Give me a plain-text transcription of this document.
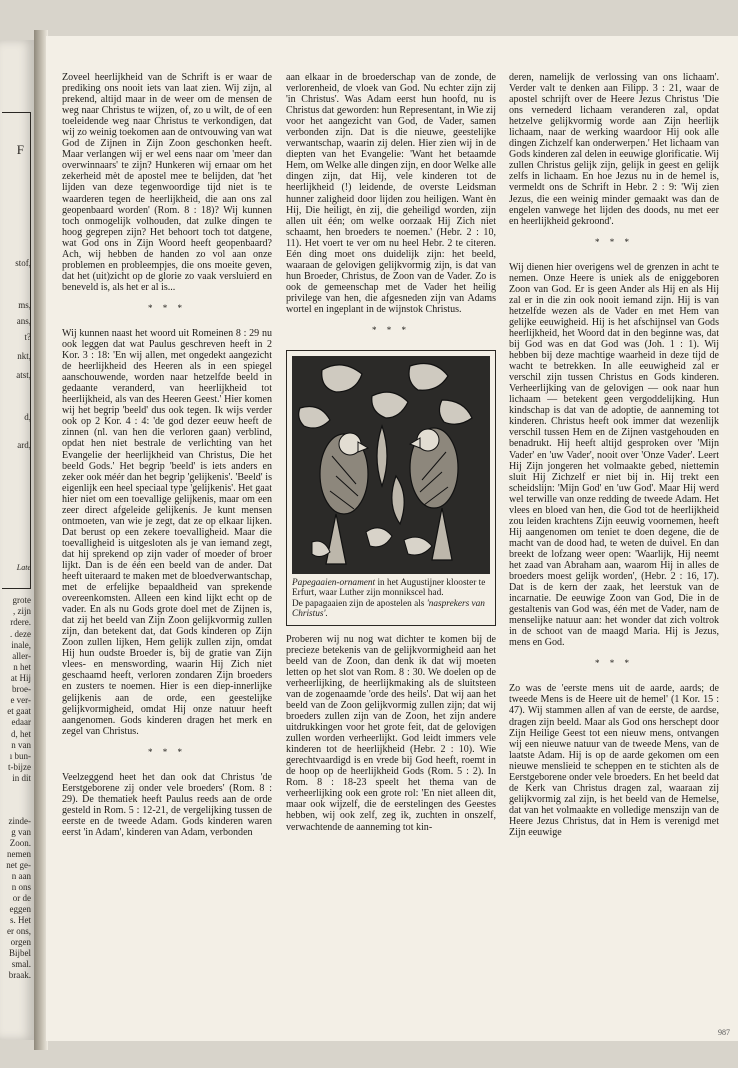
F
stof,
ms,
ans,
t?
nkt,
atst,
d,
ard,
Late
grote
, zijn
rdere.
. deze
inale,
aller-
n het
at Hij
broe-
e ver-
et gaat
edaar
d, het
n van
ı bun-
t-bijze
in dit
zinde-
g van
Zoon.
nemen
net ge-
n aan
n ons
or de
eggen
s. Het
er ons,
orgen
Bijbel
smal.
braak.

Zoveel heerlijkheid van de Schrift is er waar de prediking ons nooit iets van laat zien. Wij zijn, al prekend, altijd maar in de weer om de mensen de weg naar Christus te wijzen, of, zo u wilt, de of een toeleidende weg naar Christus te verkondigen, dat wij zo weinig toekomen aan de ontvouwing van wat God de Zijnen in Zijn Zoon geschonken heeft. Maar verlangen wij er wel eens naar om 'meer dan overwinnaars' te zijn? Hunkeren wij ernaar om het zekerheid mèt de apostel mee te belijden, dat 'het lijden van deze tegenwoordige tijd niet is te waarderen tegen de heerlijkheid, die aan ons zal geopenbaard worden' (Rom. 8 : 18)? Wij kunnen toch onmogelijk volhouden, dat zulke dingen te hoog gegrepen zijn? Het behoort toch tot datgene, wat God ons in Zijn Woord heeft geopenbaard? Ach, wij hebben de handen zo vol aan onze problemen en probleempjes, die ons moeite geven, dat het (uit)zicht op de glorie zo vaak versluierd en beneveld is, als het er al is...

* * *

Wij kunnen naast het woord uit Romeinen 8 : 29 nu ook leggen dat wat Paulus geschreven heeft in 2 Kor. 3 : 18: 'En wij allen, met ongedekt aangezicht de heerlijkheid des Heeren als in een spiegel aanschouwende, worden naar hetzelfde beeld in gedaante veranderd, van heerlijkheid tot heerlijkheid, als van des Heeren Geest.' Hier komen wij het begrip 'beeld' dus ook tegen. Ik wijs verder ook op 2 Kor. 4 : 4: 'de god dezer eeuw heeft de zinnen (nl. van hen die verloren gaan) verblind, opdat hen niet bestrale de verlichting van het Evangelie der heerlijkheid van Christus, Die het beeld Gods.' Het begrip 'beeld' is iets anders en zeker ook méér dan het begrip 'gelijkenis'. 'Beeld' is eigenlijk een heel speciaal type 'gelijkenis'. Het gaat hier niet om een toevallige gelijkenis, maar om een zeer direct afgeleide gelijkenis. Je kunt mensen ontmoeten, van wie je zegt, dat ze op elkaar lijken. Dat berust op een zekere toevalligheid. Maar die toevalligheid is uitgesloten als je van iemand zegt, dat hij sprekend op zijn vader of moeder of broer lijkt. Dan is de één een beeld van de ander. Dat heeft uiteraard te maken met de bloedverwantschap, met de erfelijke bepaaldheid van sprekende overeenkomsten. Alleen een kind lijkt echt op de vader. En als nu Gods grote doel met de Zijnen is, dat zij het beeld van Zijn Zoon gelijkvormig zullen zijn, dan betekent dat, dat Gods kinderen op Zijn Zoon zullen lijken, Hem gelijk zullen zijn, omdat Hij hun oudste Broeder is, bij de gratie van Zijn vlees- en menswording, waarin Hij Zich niet geschaamd heeft, verloren zondaren Zijn broeders en zusters te noemen. Hier is een diep-innerlijke gelijkenis aan de orde, een geestelijke gelijkvormigheid, omdat Hij onze natuur heeft aangenomen. Gods kinderen dragen het merk en zegel van Christus.

* * *

Veelzeggend heet het dan ook dat Christus 'de Eerstgeborene zij onder vele broeders' (Rom. 8 : 29). De thematiek heeft Paulus reeds aan de orde gesteld in Rom. 5 : 12-21, de vergelijking tussen de eerste en de tweede Adam. Gods kinderen waren eerst 'in Adam', kinderen van Adam, verbonden

aan elkaar in de broederschap van de zonde, de verlorenheid, de vloek van God. Nu echter zijn zij 'in Christus'. Was Adam eerst hun hoofd, nu is Christus dat geworden: hun Representant, in Wie zij voor het aangezicht van God, de Vader, samen verbonden zijn. Dat is die nieuwe, geestelijke verwantschap, waarin zij delen. Hier zien wij in de diepten van het Evangelie: 'Want het betaamde Hem, om Welke alle dingen zijn, en door Welke alle dingen zijn, dat Hij, vele kinderen tot de heerlijkheid (!) leidende, de overste Leidsman hunner zaligheid door lijden zou heiligen. Want èn Hij, Die heiligt, èn zij, die geheiligd worden, zijn allen uit één; om welke oorzaak Hij Zich niet schaamt, hen broeders te noemen.' (Hebr. 2 : 10, 11). Het voert te ver om nu heel Hebr. 2 te citeren. Eén ding moet ons duidelijk zijn: het beeld, waaraan de gelovigen gelijkvormig zijn, is dat van hun Broeder, Christus, de Zoon van de Vader. Zo is ook de gemeenschap met de Vader het heilig privilege van hen, die afgesneden zijn van Adams wortel en ingeplant in de wijnstok Christus.

* * *
Papegaaien-ornament in het Augustijner klooster te Erfurt, waar Luther zijn monnikscel had.
De papagaaien zijn de apostelen als 'nasprekers van Christus'.

Proberen wij nu nog wat dichter te komen bij de precieze betekenis van de gelijkvormigheid aan het beeld van de Zoon, dan denk ik dat wij moeten letten op het slot van Rom. 8 : 30. We doelen op de verheerlijking, de heerlijkmaking als de sluitsteen van de zogenaamde 'orde des heils'. Dat wij aan het beeld van de Zoon gelijkvormig zullen zijn; dat wij broeders zullen zijn van de Zoon, het zijn andere uitdrukkingen voor het grote feit, dat de gelovigen zullen worden verheerlijkt. God leidt immers vele kinderen tot de heerlijkheid (Hebr. 2 : 10). Wie gerechtvaardigd is en vrede bij God heeft, roemt in de hoop op de heerlijkheid Gods (Rom. 5 : 2). In Rom. 8 : 18-23 speelt het thema van de verheerlijking ook een grote rol: 'En niet alleen dit, maar ook wijzelf, die de eerstelingen des Geestes hebben, wij ook zelf, zeg ik, zuchten in onszelf, verwachtende de aanneming tot kin-

deren, namelijk de verlossing van ons lichaam'. Verder valt te denken aan Filipp. 3 : 21, waar de apostel schrijft over de Heere Jezus Christus 'Die ons vernederd lichaam veranderen zal, opdat hetzelve gelijkvormig worde aan Zijn heerlijk lichaam, naar de werking waardoor Hij ook alle dingen Zichzelf kan onderwerpen.' Het lichaam van Gods kinderen zal delen in eeuwige glorificatie. Wij zullen Christus gelijk zijn, gelijk in geest en gelijk zelfs in lichaam. En hoe Jezus nu in de hemel is, vermeldt ons de Schrift in Hebr. 2 : 9: 'Wij zien Jezus, die een weinig minder gemaakt was dan de engelen vanwege het lijden des doods, nu met eer en heerlijkheid gekroond'.

* * *

Wij dienen hier overigens wel de grenzen in acht te nemen. Onze Heere is uniek als de eniggeboren Zoon van God. Er is geen Ander als Hij en als Hij zal er in die zin ook nooit iemand zijn. Hij is van hetzelfde wezen als de Vader en met Hem van gelijke eeuwigheid. Hij is het afschijnsel van Gods heerlijkheid, het Woord dat in den beginne was, dat bij God was en dat God was (Joh. 1 : 1). Wij hebben bij deze machtige waarheid in deze tijd de wacht te betrekken. In alle eeuwigheid zal er verschil zijn tussen Christus en Gods kinderen. Verheerlijking van de gelovigen — ook naar hun lichaam — betekent geen vergoddelijking. Hun kindschap is dat van de adoptie, de aanneming tot kinderen. Christus heeft ook immer dat wezenlijk verschil tussen Hem en de Zijnen vastgehouden en benadrukt. Hij heeft altijd gesproken over 'Mijn Vader' en 'uw Vader', nooit over 'Onze Vader'. Leert Hij Zijn jongeren het volmaakte gebed, niettemin sluit Hij Zichzelf er niet bij in. Hij trekt een scheidslijn: 'Mijn God' en 'uw God'. Maar Hij werd wel terwille van onze redding de tweede Adam. Het vlees en bloed van hen, die God tot de heerlijkheid zou leiden krachtens Zijn eeuwig voornemen, heeft Hij aangenomen om teniet te doen degene, die de macht van de dood had, te weten de duivel. En dan breekt de lofzang weer open: 'Waarlijk, Hij neemt het zaad van Abraham aan, waarom Hij in alles de broeders moest gelijk worden', (Hebr. 2 : 16, 17). Dat is de kern der zaak, het leerstuk van de incarnatie. De eeuwige Zoon van God, Die in de gestaltenis van God was, één met de Vader, nam de menselijke natuur aan: het wonder dat zich voltrok in de schoot van de maagd Maria. Hij is Jezus, mens en God.

* * *

Zo was de 'eerste mens uit de aarde, aards; de tweede Mens is de Heere uit de hemel' (1 Kor. 15 : 47). Wij stammen allen af van de eerste, de aardse, dragen zijn beeld. Maar als God ons herschept door Zijn Heilige Geest tot een nieuw mens, ontvangen wij een nieuwe natuur van de tweede Mens, van de laatste Adam. Hij is op de aarde gekomen om een nieuwe menslieid te scheppen en te stichten als de Eerstgeborene onder vele broeders. En het beeld dat de Kerk van Christus dragen zal, waaraan zij gelijkvormig zal zijn, is het beeld van de Hemelse, dat van het volmaakte en volledige menszijn van de Heere Jezus Christus, dat in Hem is verenigd met Zijn eeuwige

987
